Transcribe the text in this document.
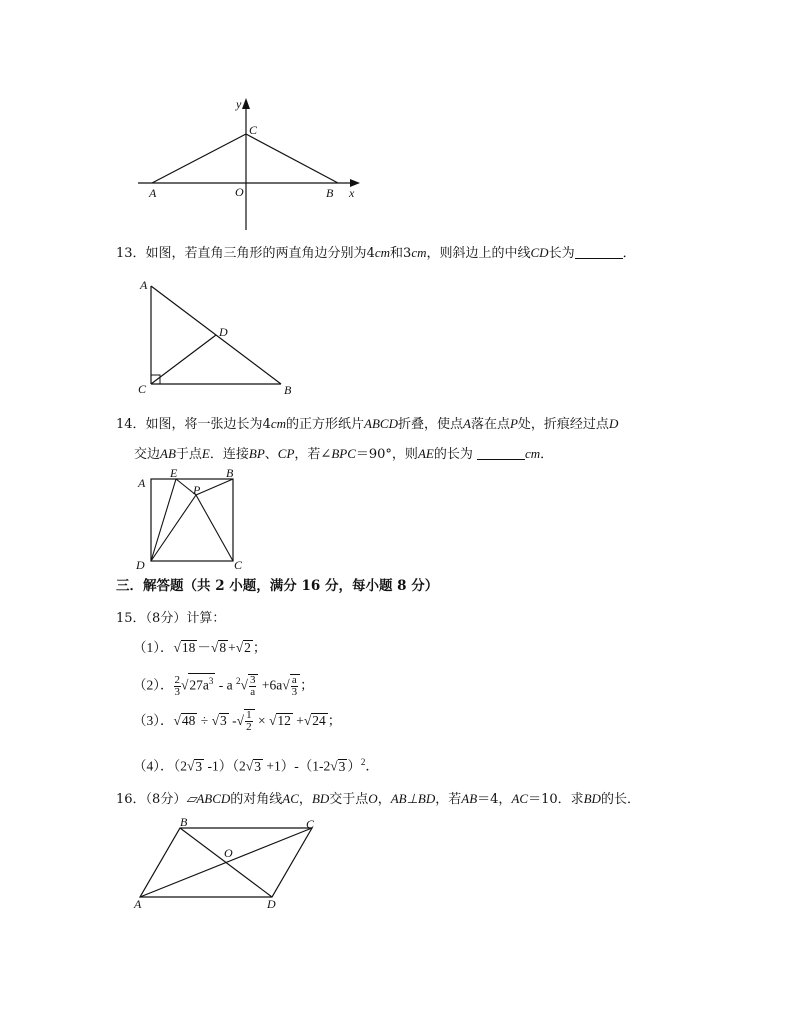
y
C
A	O	B x
13．如图，若直角三角形的两直角边分别为4cm和3cm，则斜边上的中线CD长为	．
A
D
C	B
14．如图，将一张边长为4cm的正方形纸片ABCD折叠，使点A落在点P处，折痕经过点D
交边AB于点E．连接BP、CP，若∠BPC＝90°，则AE的长为	cm．
A
E	B
P
D	C
三．解答题（共 2 小题，满分 16 分，每小题 8 分）
15．（8分）计算：
（1）．√18 －√8 +√2 ；
（2）． $\frac{2}{3} √27a^3$ - a $^2√ \frac{3}{a} +6a√ \frac{a}{3}$ ；
（3）．√48 ÷ √3 -√ $\frac{1}{2} \times √12 +√24$ ；
（4）．（2√3 -1）（2√3 +1）-（1-2√3 ）$^2$．
16．（8分）▱ABCD的对角线AC，BD交于点O，AB⊥BD，若AB＝4，AC＝10．求BD的长．
B	C
O
A	D
